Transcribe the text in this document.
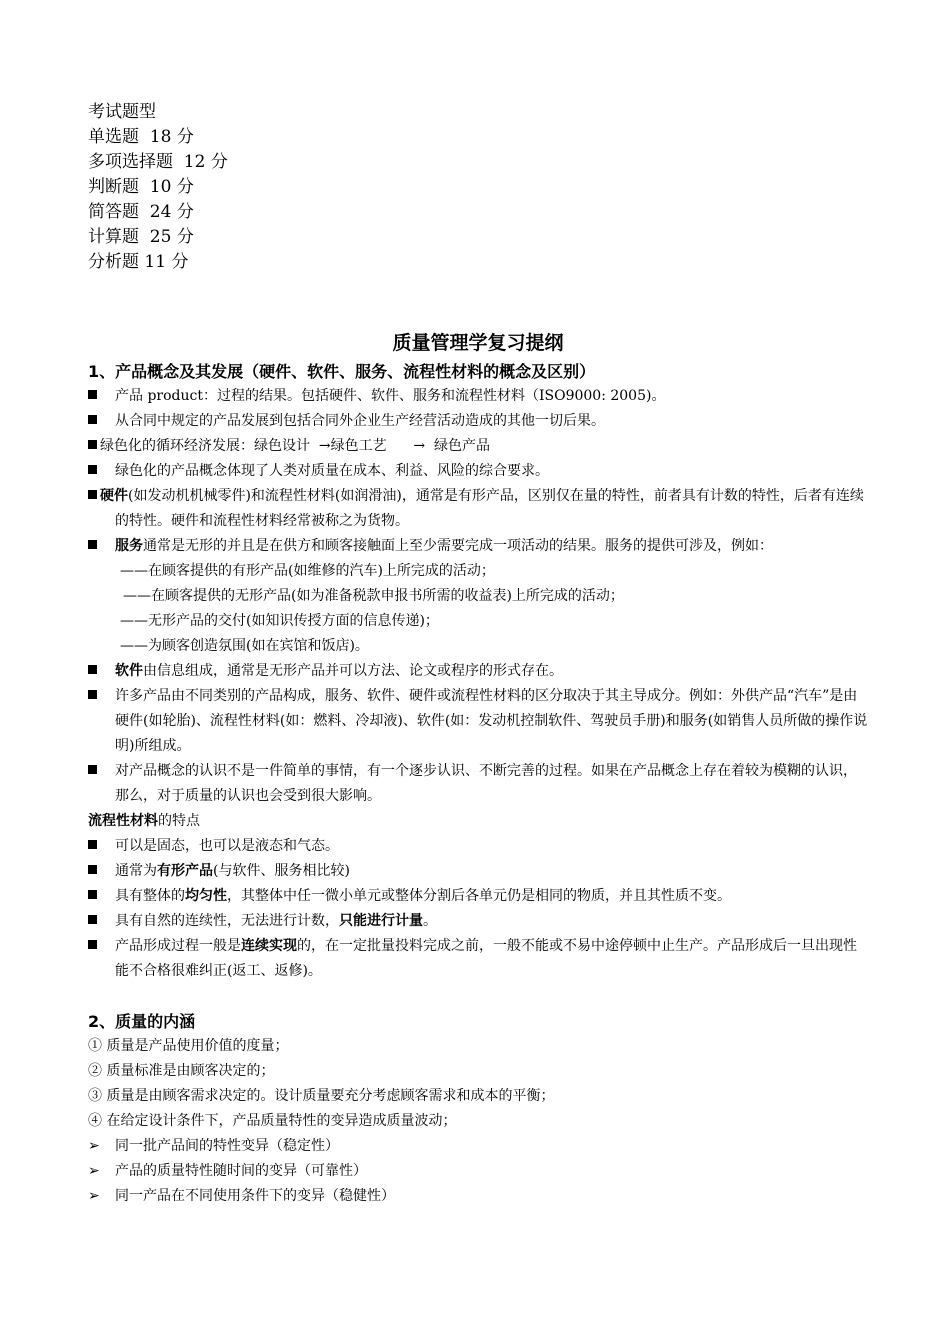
考试题型
单选题  18 分
多项选择题  12 分
判断题  10 分
简答题  24 分
计算题  25 分
分析题 11 分
质量管理学复习提纲
1、产品概念及其发展（硬件、软件、服务、流程性材料的概念及区别）
产品 product：过程的结果。包括硬件、软件、服务和流程性材料（ISO9000: 2005)。
从合同中规定的产品发展到包括合同外企业生产经营活动造成的其他一切后果。
绿色化的循环经济发展：绿色设计  →绿色工艺      →  绿色产品
绿色化的产品概念体现了人类对质量在成本、利益、风险的综合要求。
硬件(如发动机机械零件)和流程性材料(如润滑油)，通常是有形产品，区别仅在量的特性，前者具有计数的特性，后者有连续的特性。硬件和流程性材料经常被称之为货物。
服务通常是无形的并且是在供方和顾客接触面上至少需要完成一项活动的结果。服务的提供可涉及，例如：
——在顾客提供的有形产品(如维修的汽车)上所完成的活动；
——在顾客提供的无形产品(如为准备税款申报书所需的收益表)上所完成的活动；
——无形产品的交付(如知识传授方面的信息传递)；
——为顾客创造氛围(如在宾馆和饭店)。
软件由信息组成，通常是无形产品并可以方法、论文或程序的形式存在。
许多产品由不同类别的产品构成，服务、软件、硬件或流程性材料的区分取决于其主导成分。例如：外供产品“汽车”是由硬件(如轮胎)、流程性材料(如：燃料、冷却液)、软件(如：发动机控制软件、驾驶员手册)和服务(如销售人员所做的操作说明)所组成。
对产品概念的认识不是一件简单的事情，有一个逐步认识、不断完善的过程。如果在产品概念上存在着较为模糊的认识，那么，对于质量的认识也会受到很大影响。
流程性材料的特点
可以是固态，也可以是液态和气态。
通常为有形产品(与软件、服务相比较)
具有整体的均匀性，其整体中任一微小单元或整体分割后各单元仍是相同的物质，并且其性质不变。
具有自然的连续性，无法进行计数，只能进行计量。
产品形成过程一般是连续实现的，在一定批量投料完成之前，一般不能或不易中途停顿中止生产。产品形成后一旦出现性能不合格很难纠正(返工、返修)。
2、质量的内涵
① 质量是产品使用价值的度量；
② 质量标准是由顾客决定的；
③ 质量是由顾客需求决定的。设计质量要充分考虑顾客需求和成本的平衡；
④ 在给定设计条件下，产品质量特性的变异造成质量波动；
➢	同一批产品间的特性变异（稳定性）
➢	产品的质量特性随时间的变异（可靠性）
➢	同一产品在不同使用条件下的变异（稳健性）
